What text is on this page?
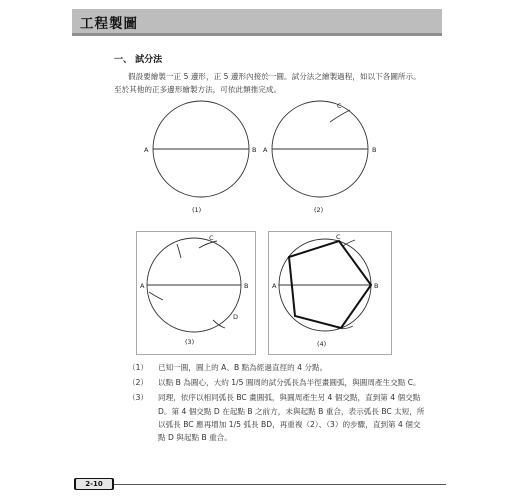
工程製圖
一、 試分法
假設要繪製一正 5 邊形，正 5 邊形內接於一圓。試分法之繪製過程，如以下各圖所示。至於其他的正多邊形繪製方法，可依此類推完成。
A	B
(1)
A	B
C
(2)
A	B
C
D
(3)
A	B
C
(4)
（1） 已知一圓，圓上的 A、B 點為經過直徑的 4 分點。
（2） 以點 B 為圓心，大約 1/5 圓周的試分弧長為半徑畫圓弧，與圓周產生交點 C。
（3） 同理，依序以相同弧長 BC 畫圓弧，與圓周產生另 4 個交點，直到第 4 個交點 D。第 4 個交點 D 在起點 B 之前方，未與起點 B 重合，表示弧長 BC 太短，所以弧長 BC 應再增加 1/5 弧長 BD，再重複（2）、（3）的步驟，直到第 4 個交點 D 與起點 B 重合。
2-10
